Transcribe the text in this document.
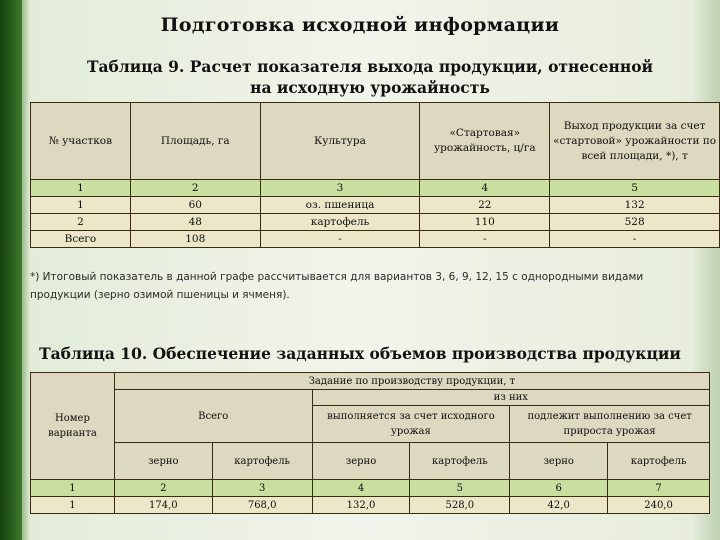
Подготовка исходной информации
Таблица 9. Расчет показателя выхода продукции, отнесенной
на исходную урожайность
№ участков	Площадь, га	Культура	«Стартовая» урожайность, ц/га	Выход продукции за счет «стартовой» урожайности по всей площади, *), т
1	2	3	4	5
1	60	оз. пшеница	22	132
2	48	картофель	110	528
Всего	108	-	-	-
*) Итоговый показатель в данной графе рассчитывается для вариантов 3, 6, 9, 12, 15 с однородными видами продукции (зерно озимой пшеницы и ячменя).
Таблица 10. Обеспечение заданных объемов производства продукции
Номер варианта	Задание по производству продукции, т					
	Всего		из них			
			выполняется за счет исходного урожая		подлежит выполнению за счет прироста урожая	
	зерно	картофель	зерно	картофель	зерно	картофель
1	2	3	4	5	6	7
1	174,0	768,0	132,0	528,0	42,0	240,0
